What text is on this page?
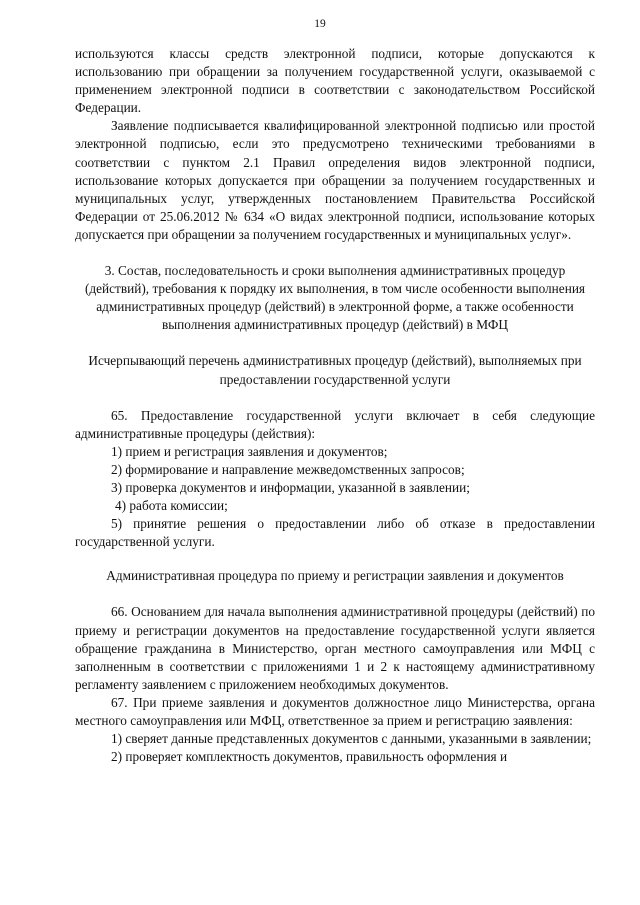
19

используются классы средств электронной подписи, которые допускаются к использованию при обращении за получением государственной услуги, оказываемой с применением электронной подписи в соответствии с законодательством Российской Федерации.

Заявление подписывается квалифицированной электронной подписью или простой электронной подписью, если это предусмотрено техническими требованиями в соответствии с пунктом 2.1 Правил определения видов электронной подписи, использование которых допускается при обращении за получением государственных и муниципальных услуг, утвержденных постановлением Правительства Российской Федерации от 25.06.2012 № 634 «О видах электронной подписи, использование которых допускается при обращении за получением государственных и муниципальных услуг».

3. Состав, последовательность и сроки выполнения административных процедур (действий), требования к порядку их выполнения, в том числе особенности выполнения административных процедур (действий) в электронной форме, а также особенности выполнения административных процедур (действий) в МФЦ

Исчерпывающий перечень административных процедур (действий), выполняемых при предоставлении государственной услуги

65. Предоставление государственной услуги включает в себя следующие административные процедуры (действия):

1) прием и регистрация заявления и документов;

2) формирование и направление межведомственных запросов;

3) проверка документов и информации, указанной в заявлении;

4) работа комиссии;

5) принятие решения о предоставлении либо об отказе в предоставлении государственной услуги.

Административная процедура по приему и регистрации заявления и документов

66. Основанием для начала выполнения административной процедуры (действий) по приему и регистрации документов на предоставление государственной услуги является обращение гражданина в Министерство, орган местного самоуправления или МФЦ с заполненным в соответствии с приложениями 1 и 2 к настоящему административному регламенту заявлением с приложением необходимых документов.

67. При приеме заявления и документов должностное лицо Министерства, органа местного самоуправления или МФЦ, ответственное за прием и регистрацию заявления:

1) сверяет данные представленных документов с данными, указанными в заявлении;

2) проверяет комплектность документов, правильность оформления и
